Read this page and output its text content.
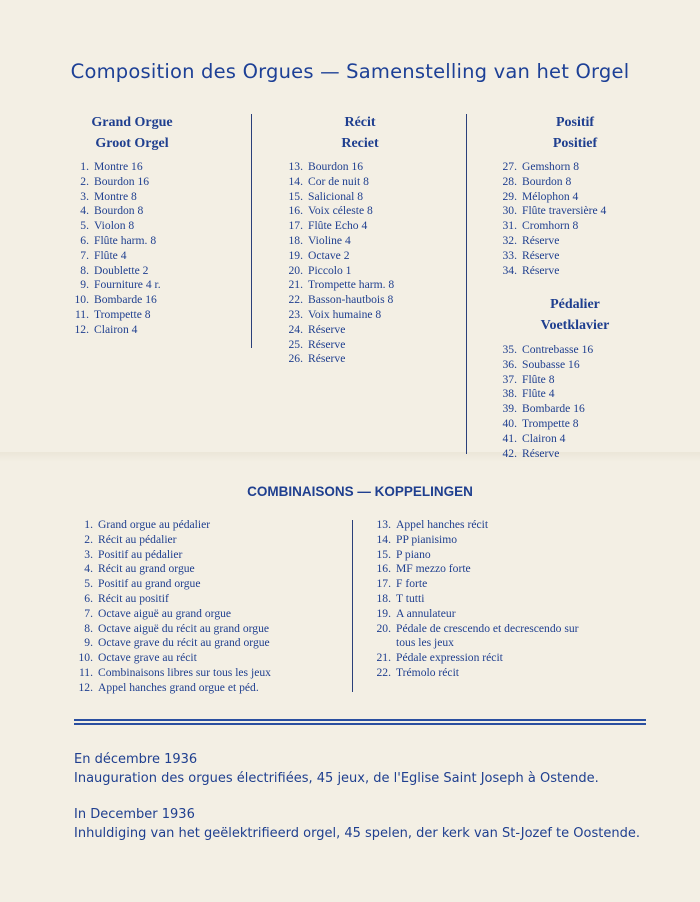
Composition des Orgues — Samenstelling van het Orgel
Grand Orgue
Groot Orgel
1. Montre 16
2. Bourdon 16
3. Montre 8
4. Bourdon 8
5. Violon 8
6. Flûte harm. 8
7. Flûte 4
8. Doublette 2
9. Fourniture 4 r.
10. Bombarde 16
11. Trompette 8
12. Clairon 4
Récit
Reciet
13. Bourdon 16
14. Cor de nuit 8
15. Salicional 8
16. Voix céleste 8
17. Flûte Echo 4
18. Violine 4
19. Octave 2
20. Piccolo 1
21. Trompette harm. 8
22. Basson-hautbois 8
23. Voix humaine 8
24. Réserve
25. Réserve
26. Réserve
Positif
Positief
27. Gemshorn 8
28. Bourdon 8
29. Mélophon 4
30. Flûte traversière 4
31. Cromhorn 8
32. Réserve
33. Réserve
34. Réserve
Pédalier
Voetklavier
35. Contrebasse 16
36. Soubasse 16
37. Flûte 8
38. Flûte 4
39. Bombarde 16
40. Trompette 8
41. Clairon 4
42. Réserve
COMBINAISONS — KOPPELINGEN
1. Grand orgue au pédalier
2. Récit au pédalier
3. Positif au pédalier
4. Récit au grand orgue
5. Positif au grand orgue
6. Récit au positif
7. Octave aiguë au grand orgue
8. Octave aiguë du récit au grand orgue
9. Octave grave du récit au grand orgue
10. Octave grave au récit
11. Combinaisons libres sur tous les jeux
12. Appel hanches grand orgue et péd.
13. Appel hanches récit
14. PP pianisimo
15. P piano
16. MF mezzo forte
17. F forte
18. T tutti
19. A annulateur
20. Pédale de crescendo et decrescendo sur
tous les jeux
21. Pédale expression récit
22. Trémolo récit

En décembre 1936

Inauguration des orgues électrifiées, 45 jeux, de l'Eglise Saint Joseph à Ostende.

In December 1936

Inhuldiging van het geëlektrifieerd orgel, 45 spelen, der kerk van St-Jozef te Oostende.
